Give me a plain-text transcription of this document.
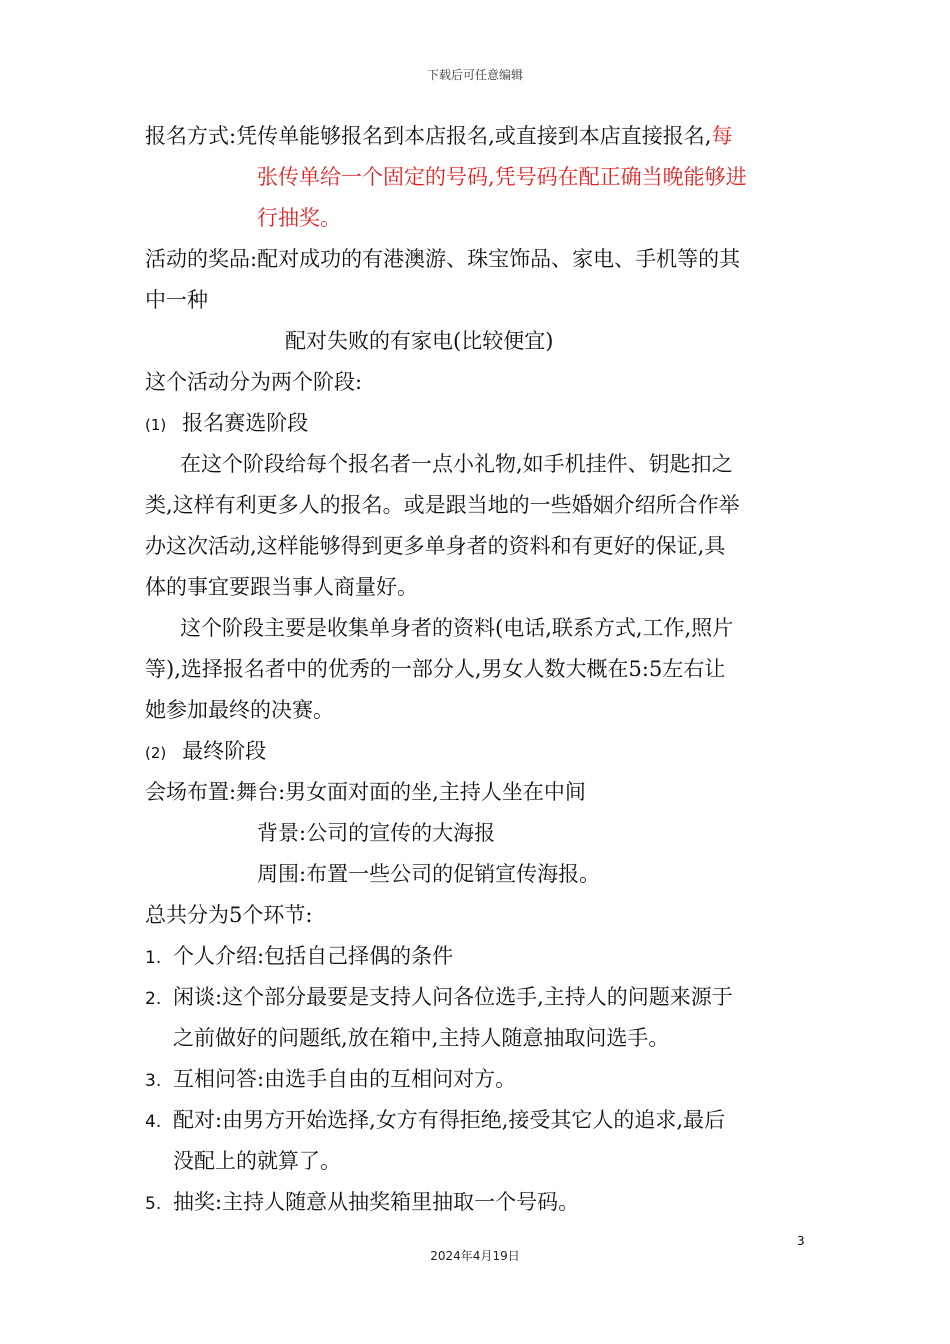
下载后可任意编辑
报名方式:凭传单能够报名到本店报名,或直接到本店直接报名,每
张传单给一个固定的号码,凭号码在配正确当晚能够进
行抽奖。
活动的奖品:配对成功的有港澳游、珠宝饰品、家电、手机等的其
中一种
配对失败的有家电(比较便宜)
这个活动分为两个阶段:
(1) 报名赛选阶段
在这个阶段给每个报名者一点小礼物,如手机挂件、钥匙扣之
类,这样有利更多人的报名。或是跟当地的一些婚姻介绍所合作举
办这次活动,这样能够得到更多单身者的资料和有更好的保证,具
体的事宜要跟当事人商量好。
这个阶段主要是收集单身者的资料(电话,联系方式,工作,照片
等),选择报名者中的优秀的一部分人,男女人数大概在5:5左右让
她参加最终的决赛。
(2) 最终阶段
会场布置:舞台:男女面对面的坐,主持人坐在中间
背景:公司的宣传的大海报
周围:布置一些公司的促销宣传海报。
总共分为5个环节:
1. 个人介绍:包括自己择偶的条件
2. 闲谈:这个部分最要是支持人问各位选手,主持人的问题来源于
之前做好的问题纸,放在箱中,主持人随意抽取问选手。
3. 互相问答:由选手自由的互相问对方。
4. 配对:由男方开始选择,女方有得拒绝,接受其它人的追求,最后
没配上的就算了。
5. 抽奖:主持人随意从抽奖箱里抽取一个号码。
3
2024年4月19日
